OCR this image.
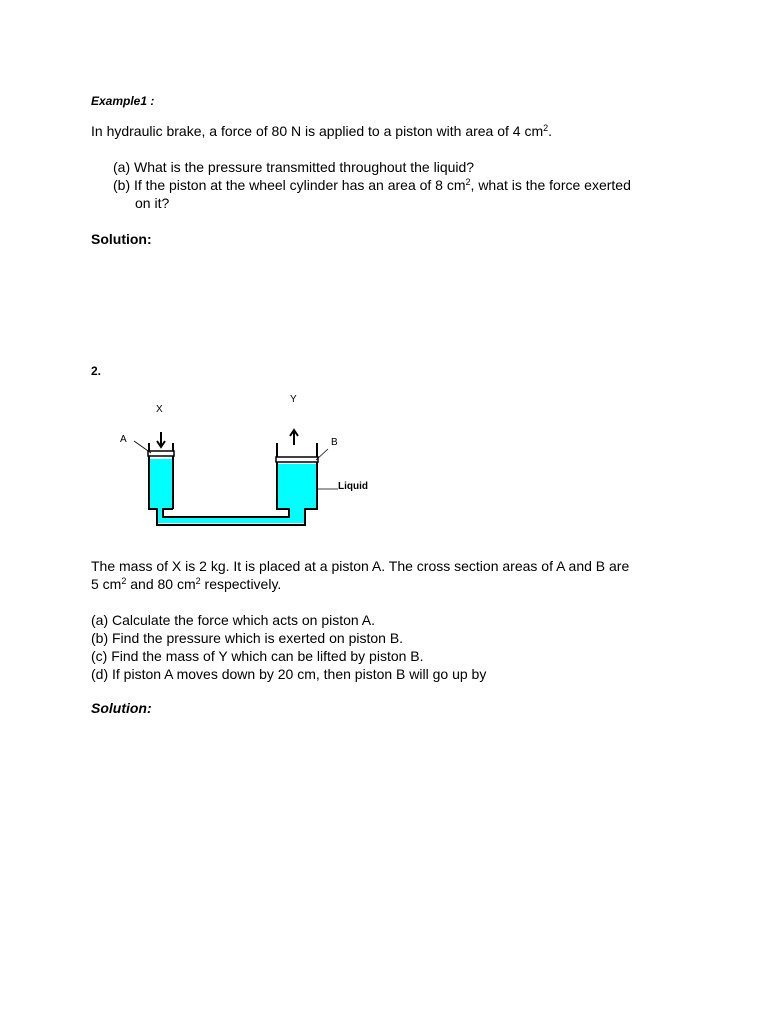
Example1 :

In hydraulic brake, a force of 80 N is applied to a piston with area of 4 $cm^2$.

(a) What is the pressure transmitted throughout the liquid?

(b) If the piston at the wheel cylinder has an area of 8 $cm^2$, what is the force exerted

on it?

Solution:

2.

X
Y
A	B
Liquid

The mass of X is 2 kg. It is placed at a piston A. The cross section areas of A and B are

5 $cm^2$ and 80 $cm^2$ respectively.

(a) Calculate the force which acts on piston A.

(b) Find the pressure which is exerted on piston B.

(c) Find the mass of Y which can be lifted by piston B.

(d) If piston A moves down by 20 cm, then piston B will go up by

Solution:
